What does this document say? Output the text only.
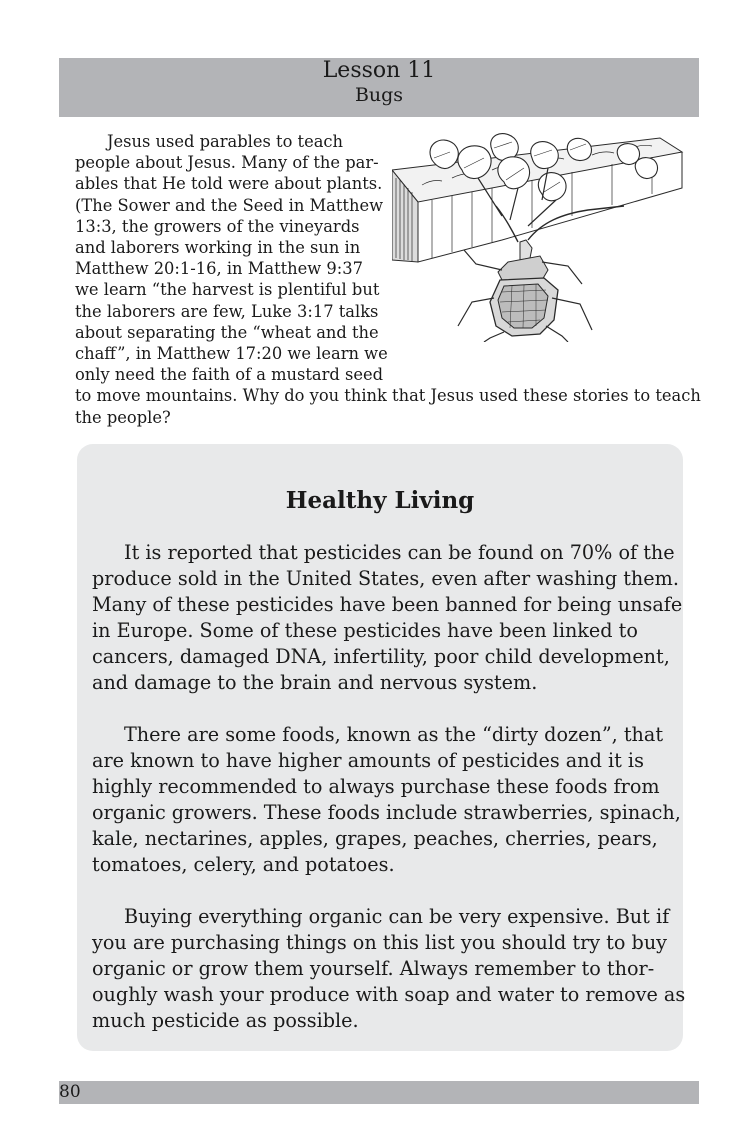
Lesson 11
Bugs
Jesus used parables to teach
people about Jesus. Many of the par-
ables that He told were about plants.
(The Sower and the Seed in Matthew
13:3, the growers of the vineyards
and laborers working in the sun in
Matthew 20:1-16, in Matthew 9:37
we learn “the harvest is plentiful but
the laborers are few, Luke 3:17 talks
about separating the “wheat and the
chaff”, in Matthew 17:20 we learn we
only need the faith of a mustard seed
to move mountains. Why do you think that Jesus used these stories to teach
the people?
Healthy Living
It is reported that pesticides can be found on 70% of the
produce sold in the United States, even after washing them.
Many of these pesticides have been banned for being unsafe
in Europe. Some of these pesticides have been linked to
cancers, damaged DNA, infertility, poor child development,
and damage to the brain and nervous system.
There are some foods, known as the “dirty dozen”, that
are known to have higher amounts of pesticides and it is
highly recommended to always purchase these foods from
organic growers. These foods include strawberries, spinach,
kale, nectarines, apples, grapes, peaches, cherries, pears,
tomatoes, celery, and potatoes.
Buying everything organic can be very expensive. But if
you are purchasing things on this list you should try to buy
organic or grow them yourself. Always remember to thor-
oughly wash your produce with soap and water to remove as
much pesticide as possible.
80
